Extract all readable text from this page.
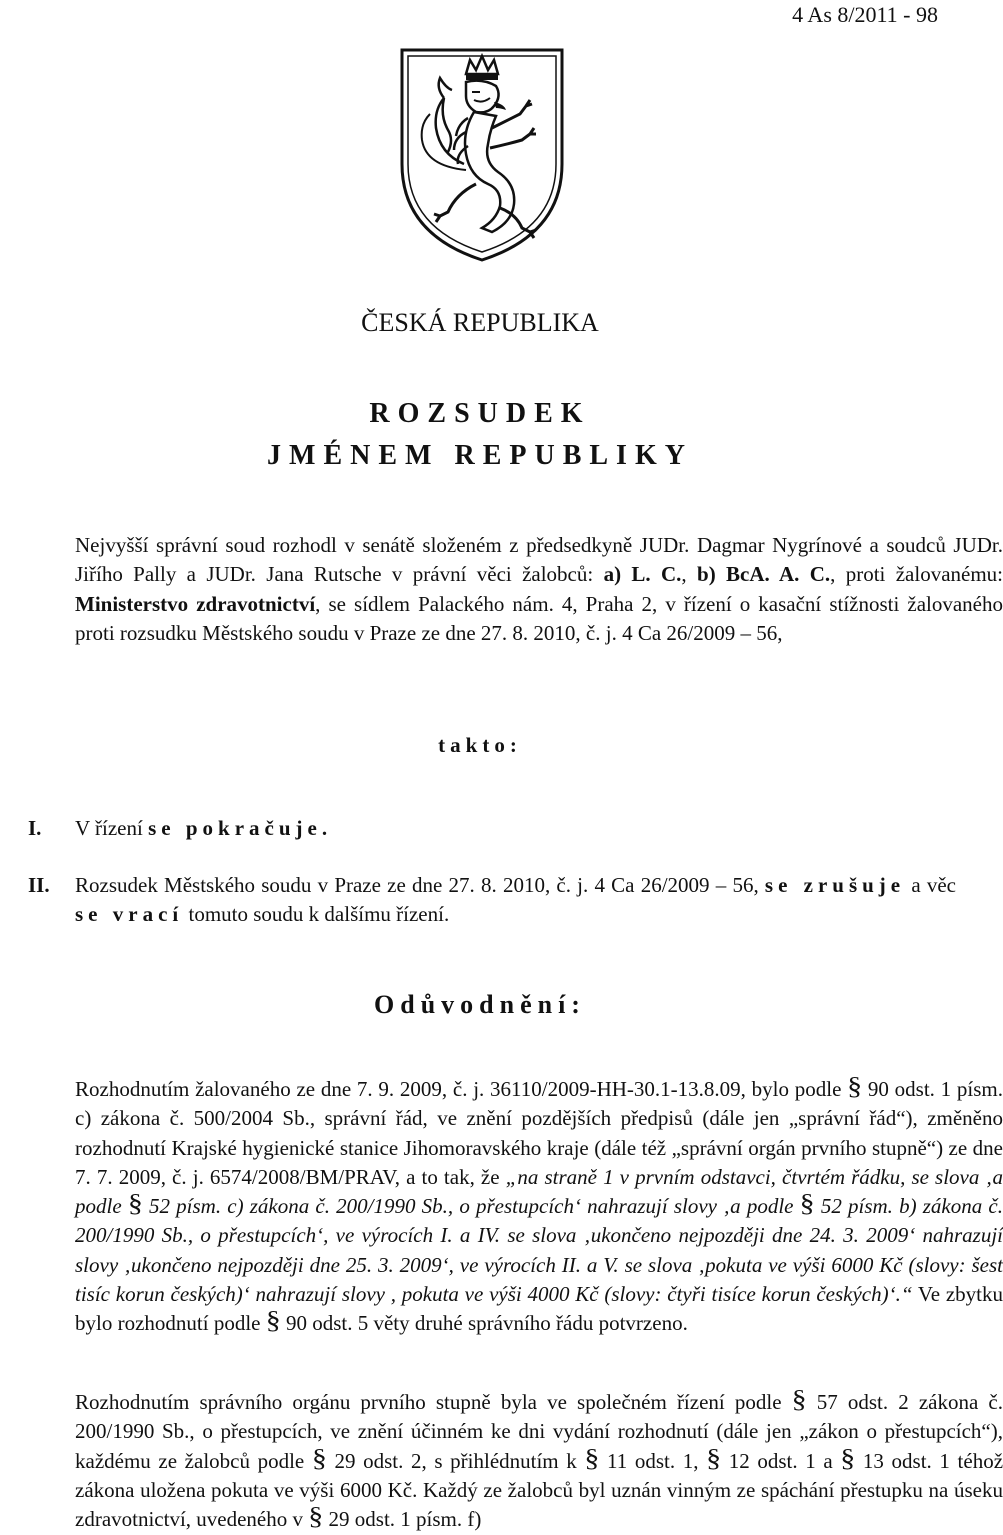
4 As 8/2011 - 98
ČESKÁ REPUBLIKA
ROZSUDEK
JMÉNEM REPUBLIKY
Nejvyšší správní soud rozhodl v senátě složeném z předsedkyně JUDr. Dagmar Nygrínové a soudců JUDr. Jiřího Pally a JUDr. Jana Rutsche v právní věci žalobců: a) L. C., b) BcA. A. C., proti žalovanému: Ministerstvo zdravotnictví, se sídlem Palackého nám. 4, Praha 2, v řízení o kasační stížnosti žalovaného proti rozsudku Městského soudu v Praze ze dne 27. 8. 2010, č. j. 4 Ca 26/2009 – 56,
takto:
I. V řízení se pokračuje.
II. Rozsudek Městského soudu v Praze ze dne 27. 8. 2010, č. j. 4 Ca 26/2009 – 56, se zrušuje a věc se vrací tomuto soudu k dalšímu řízení.
Odůvodnění:
Rozhodnutím žalovaného ze dne 7. 9. 2009, č. j. 36110/2009-HH-30.1-13.8.09, bylo podle § 90 odst. 1 písm. c) zákona č. 500/2004 Sb., správní řád, ve znění pozdějších předpisů (dále jen „správní řád“), změněno rozhodnutí Krajské hygienické stanice Jihomoravského kraje (dále též „správní orgán prvního stupně“) ze dne 7. 7. 2009, č. j. 6574/2008/BM/PRAV, a to tak, že „na straně 1 v prvním odstavci, čtvrtém řádku, se slova ‚a podle § 52 písm. c) zákona č. 200/1990 Sb., o přestupcích‘ nahrazují slovy ‚a podle § 52 písm. b) zákona č. 200/1990 Sb., o přestupcích‘, ve výrocích I. a IV. se slova ‚ukončeno nejpozději dne 24. 3. 2009‘ nahrazují slovy ‚ukončeno nejpozději dne 25. 3. 2009‘, ve výrocích II. a V. se slova ‚pokuta ve výši 6000 Kč (slovy: šest tisíc korun českých)‘ nahrazují slovy , pokuta ve výši 4000 Kč (slovy: čtyři tisíce korun českých)‘.“ Ve zbytku bylo rozhodnutí podle § 90 odst. 5 věty druhé správního řádu potvrzeno.
Rozhodnutím správního orgánu prvního stupně byla ve společném řízení podle § 57 odst. 2 zákona č. 200/1990 Sb., o přestupcích, ve znění účinném ke dni vydání rozhodnutí (dále jen „zákon o přestupcích“), každému ze žalobců podle § 29 odst. 2, s přihlédnutím k § 11 odst. 1, § 12 odst. 1 a § 13 odst. 1 téhož zákona uložena pokuta ve výši 6000 Kč. Každý ze žalobců byl uznán vinným ze spáchání přestupku na úseku zdravotnictví, uvedeného v § 29 odst. 1 písm. f)
